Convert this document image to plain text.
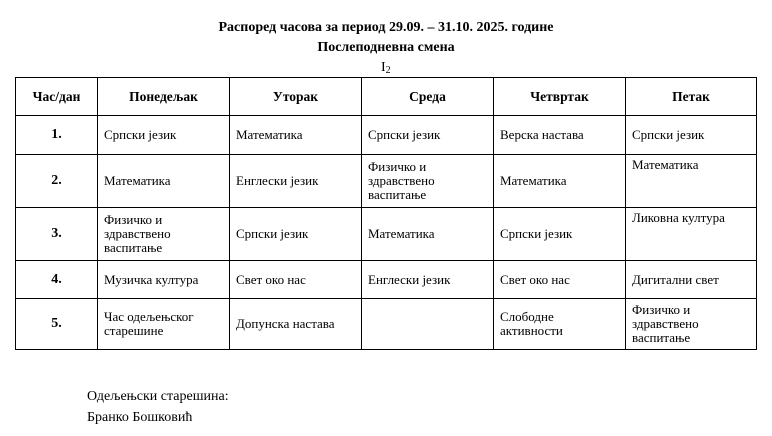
Распоред часова за период 29.09. – 31.10. 2025. године
Послеподневна смена
$I_2$
Час/дан	Понедељак	Уторак	Среда	Четвртак	Петак
1.	Српски језик	Математика	Српски језик	Верска настава	Српски језик
2.	Математика	Енглески језик	Физичко и здравствено васпитање	Математика	Математика
3.	Физичко и здравствено васпитање	Српски језик	Математика	Српски језик	Ликовна култура
4.	Музичка култура	Свет око нас	Енглески језик	Свет око нас	Дигитални свет
5.	Час одељењског старешине	Допунска настава		Слободне активности	Физичко и здравствено васпитање
Одељењски старешина:
Бранко Бошковић
